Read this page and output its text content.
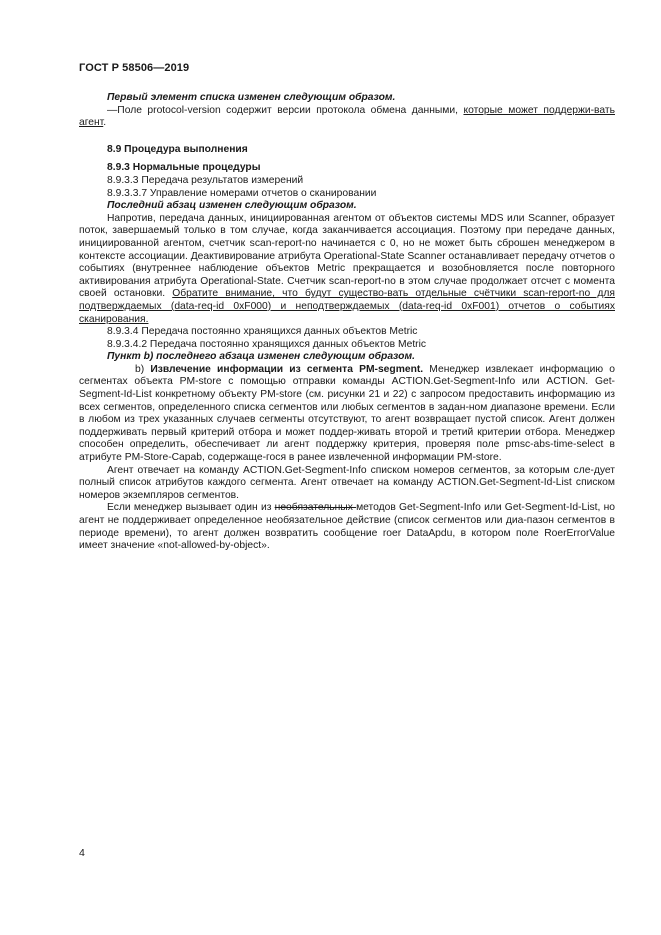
ГОСТ Р 58506—2019

Первый элемент списка изменен следующим образом.

—Поле protocol-version содержит версии протокола обмена данными, которые может поддержи-вать агент.

8.9 Процедура выполнения

8.9.3 Нормальные процедуры

8.9.3.3 Передача результатов измерений

8.9.3.3.7 Управление номерами отчетов о сканировании

Последний абзац изменен следующим образом.

Напротив, передача данных, инициированная агентом от объектов системы MDS или Scanner, образует поток, завершаемый только в том случае, когда заканчивается ассоциация. Поэтому при передаче данных, инициированной агентом, счетчик scan-report-no начинается с 0, но не может быть сброшен менеджером в контексте ассоциации. Деактивирование атрибута Operational-State Scanner останавливает передачу отчетов о событиях (внутреннее наблюдение объектов Metric прекращается и возобновляется после повторного активирования атрибута Operational-State. Счетчик scan-report-no в этом случае продолжает отсчет с момента своей остановки. Обратите внимание, что будут существо-вать отдельные счётчики scan-report-no для подтверждаемых (data-req-id 0xF000) и неподтверждаемых (data-req-id 0xF001) отчетов о событиях сканирования.

8.9.3.4 Передача постоянно хранящихся данных объектов Metric

8.9.3.4.2 Передача постоянно хранящихся данных объектов Metric

Пункт b) последнего абзаца изменен следующим образом.

b) Извлечение информации из сегмента PM-segment. Менеджер извлекает информацию о сегментах объекта PM-store с помощью отправки команды ACTION.Get-Segment-Info или ACTION. Get-Segment-Id-List конкретному объекту PM-store (см. рисунки 21 и 22) с запросом предоставить информацию из всех сегментов, определенного списка сегментов или любых сегментов в задан-ном диапазоне времени. Если в любом из трех указанных случаев сегменты отсутствуют, то агент возвращает пустой список. Агент должен поддерживать первый критерий отбора и может поддер-живать второй и третий критерии отбора. Менеджер способен определить, обеспечивает ли агент поддержку критерия, проверяя поле pmsc-abs-time-select в атрибуте PM-Store-Capab, содержаще-гося в ранее извлеченной информации PM-store.

Агент отвечает на команду ACTION.Get-Segment-Info списком номеров сегментов, за которым сле-дует полный список атрибутов каждого сегмента. Агент отвечает на команду ACTION.Get-Segment-Id-List списком номеров экземпляров сегментов.

Если менеджер вызывает один из необязательных методов Get-Segment-Info или Get-Segment-Id-List, но агент не поддерживает определенное необязательное действие (список сегментов или диа-пазон сегментов в периоде времени), то агент должен возвратить сообщение roer DataApdu, в котором поле RoerErrorValue имеет значение «not-allowed-by-object».

4
